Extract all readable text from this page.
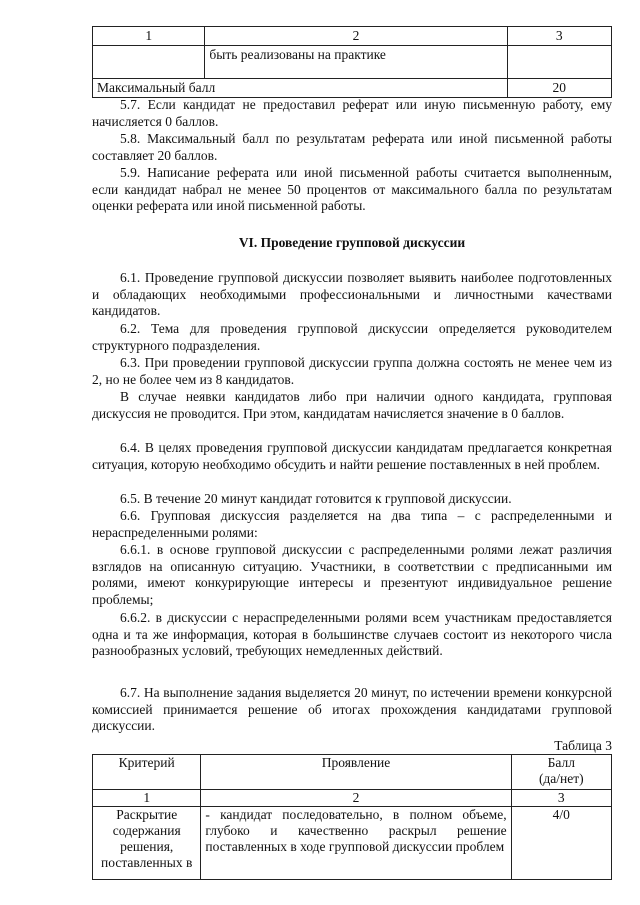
1	2	3
	быть реализованы на практике	
Максимальный балл		20

5.7. Если кандидат не предоставил реферат или иную письменную работу, ему начисляется 0 баллов.

5.8. Максимальный балл по результатам реферата или иной письменной работы составляет 20 баллов.

5.9. Написание реферата или иной письменной работы считается выполненным, если кандидат набрал не менее 50 процентов от максимального балла по результатам оценки реферата или иной письменной работы.

VI. Проведение групповой дискуссии

6.1. Проведение групповой дискуссии позволяет выявить наиболее подготовленных и обладающих необходимыми профессиональными и личностными качествами кандидатов.

6.2. Тема для проведения групповой дискуссии определяется руководителем структурного подразделения.

6.3. При проведении групповой дискуссии группа должна состоять не менее чем из 2, но не более чем из 8 кандидатов.

В случае неявки кандидатов либо при наличии одного кандидата, групповая дискуссия не проводится. При этом, кандидатам начисляется значение в 0 баллов.

6.4. В целях проведения групповой дискуссии кандидатам предлагается конкретная ситуация, которую необходимо обсудить и найти решение поставленных в ней проблем.

6.5. В течение 20 минут кандидат готовится к групповой дискуссии.

6.6. Групповая дискуссия разделяется на два типа – с распределенными и нераспределенными ролями:

6.6.1. в основе групповой дискуссии с распределенными ролями лежат различия взглядов на описанную ситуацию. Участники, в соответствии с предписанными им ролями, имеют конкурирующие интересы и презентуют индивидуальное решение проблемы;

6.6.2. в дискуссии с нераспределенными ролями всем участникам предоставляется одна и та же информация, которая в большинстве случаев состоит из некоторого числа разнообразных условий, требующих немедленных действий.

6.7. На выполнение задания выделяется 20 минут, по истечении времени конкурсной комиссией принимается решение об итогах прохождения кандидатами групповой дискуссии.

Таблица 3
Критерий	Проявление	Балл
(да/нет)
1	2	3
Раскрытие содержания решения, поставленных в	- кандидат последовательно, в полном объеме, глубоко и качественно раскрыл решение поставленных в ходе групповой дискуссии проблем	4/0
